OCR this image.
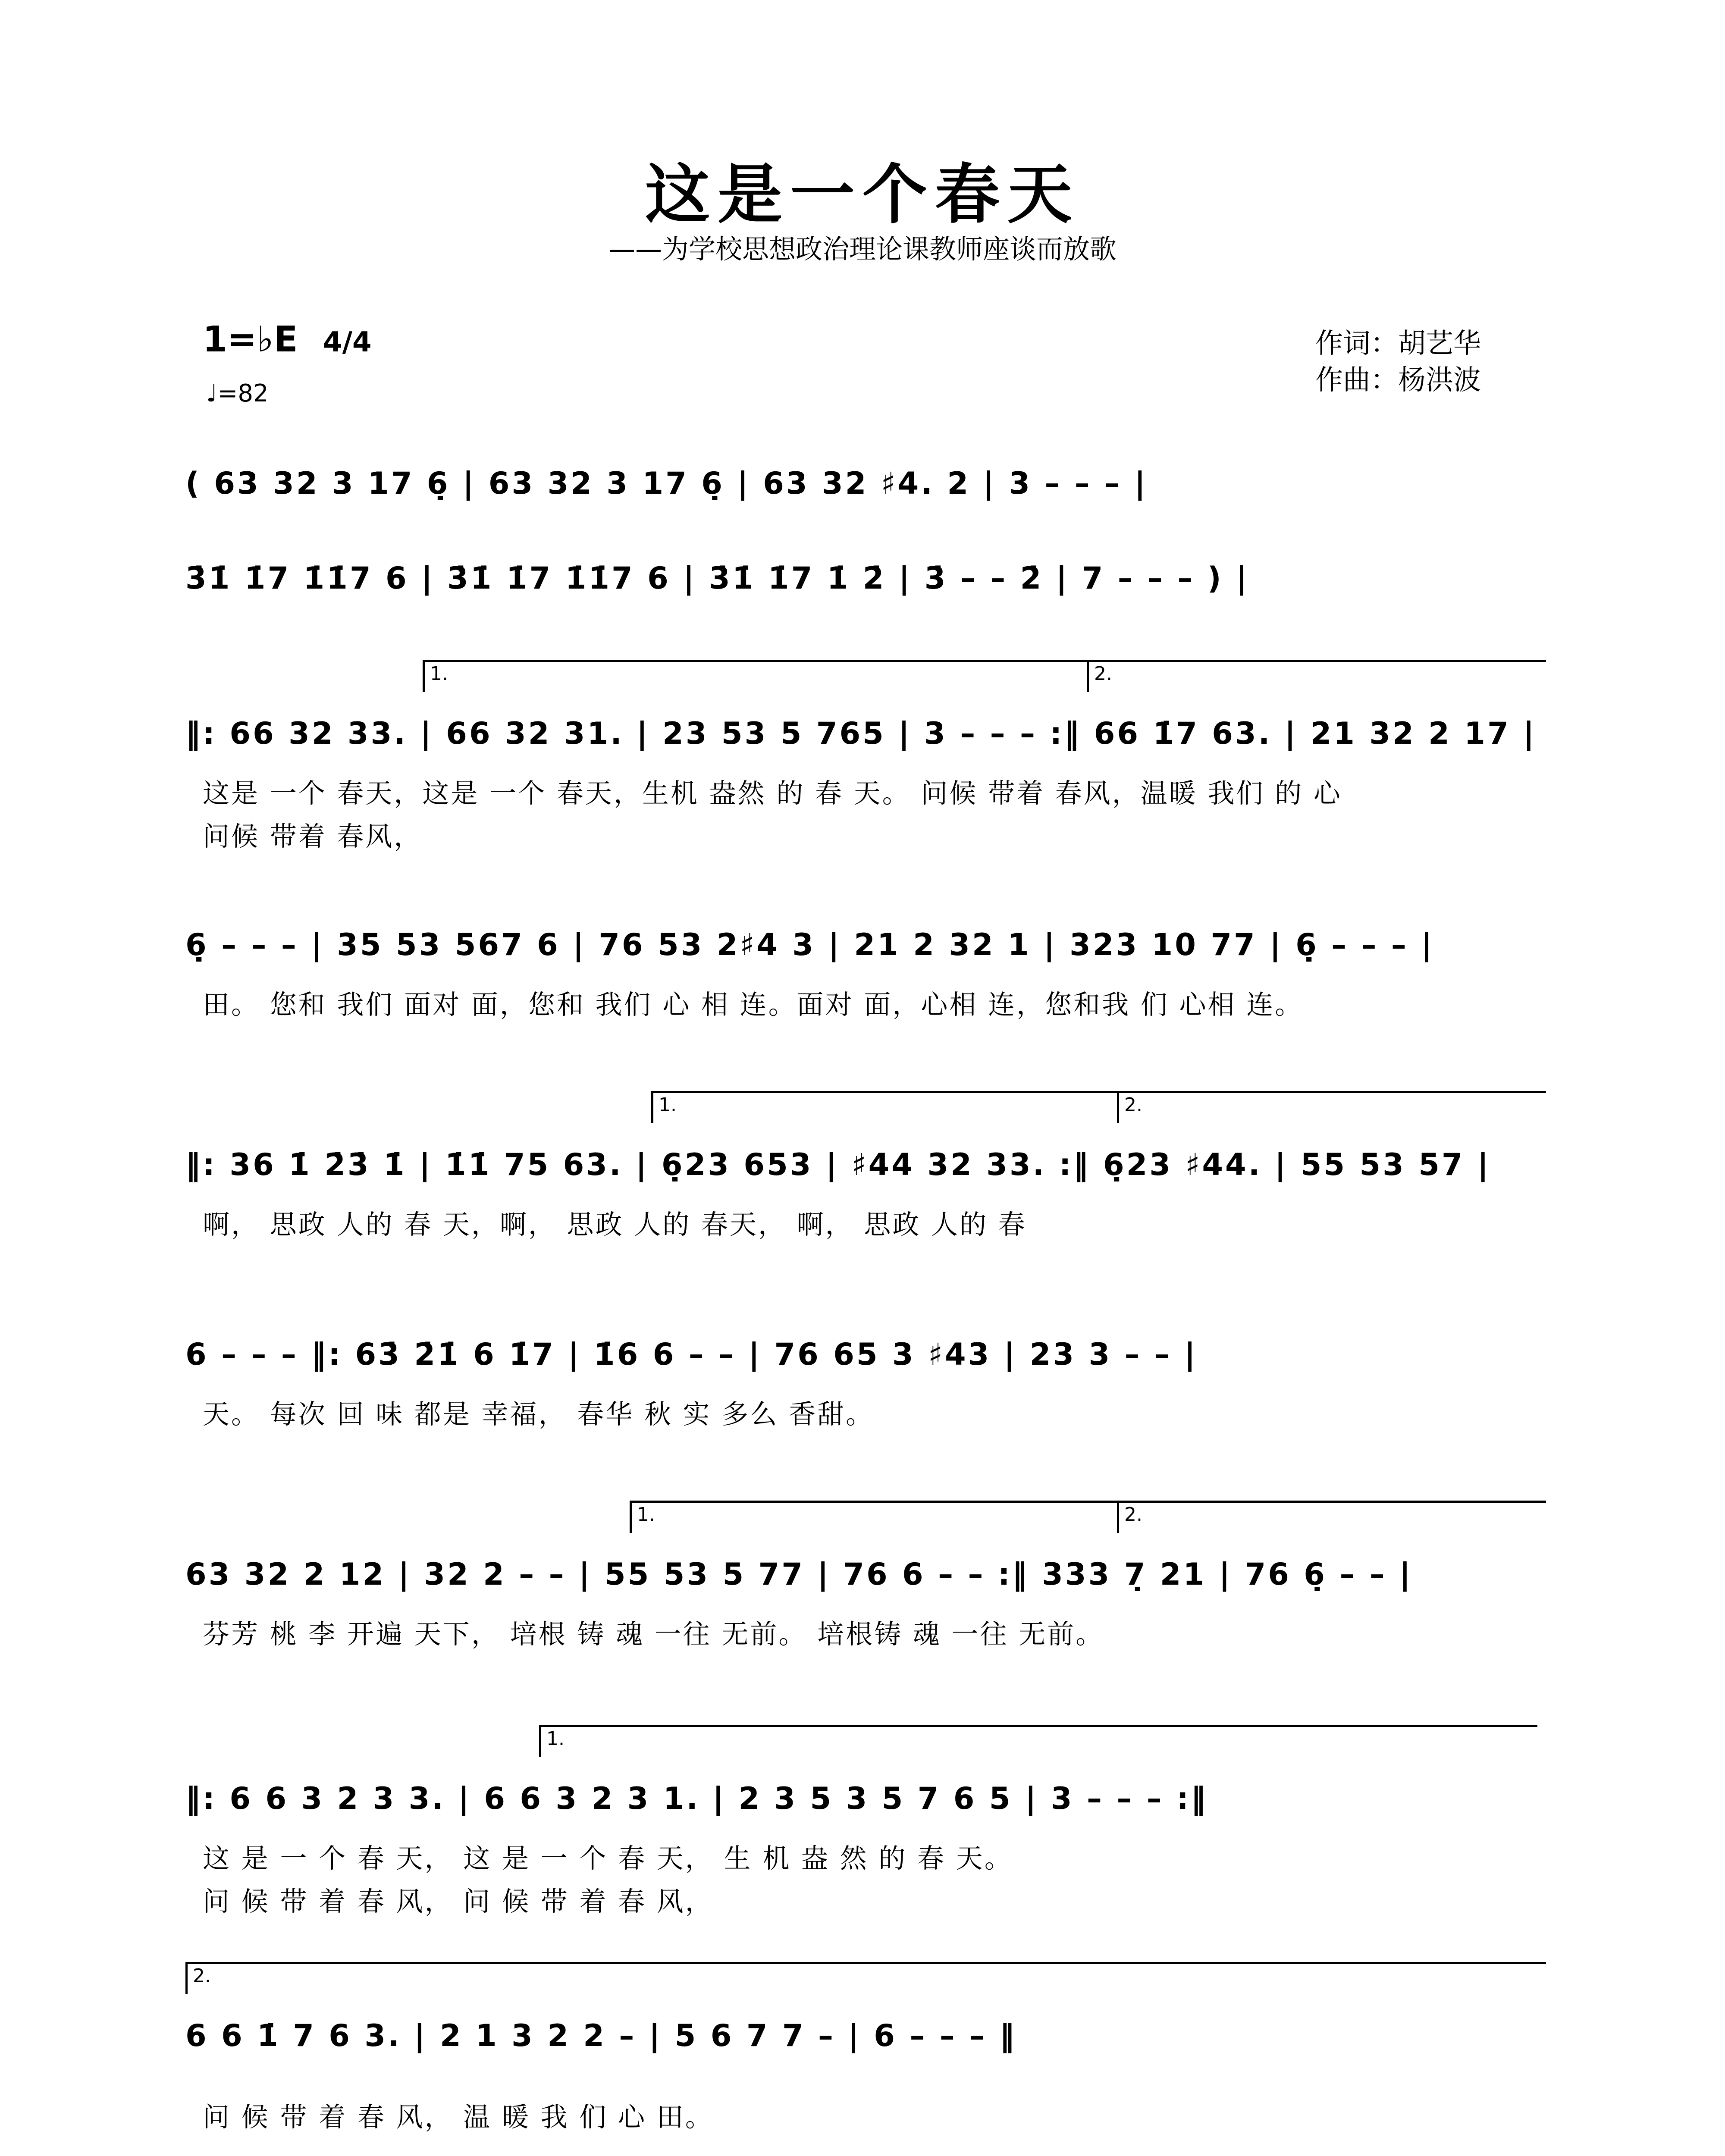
这是一个春天
——为学校思想政治理论课教师座谈而放歌
1=♭E 4/4
♩=82
作词：胡艺华
作曲：杨洪波
( 63 32 3 17 6̣ | 63 32 3 17 6̣ | 63 32 ♯4. 2 | 3 – – – |
3̇1̇ 1̇7 1̇1̇7 6 | 3̇1̇ 1̇7 1̇1̇7 6 | 3̇1̇ 1̇7 1̇ 2̇ | 3̇ – – 2̇ | 7 – – – ) |
1.	2.
‖: 66 32 33. | 66 32 31. | 23 53 5 765 | 3 – – – :‖ 66 1̇7 63. | 21 32 2 17 |
这是 一个 春天，这是 一个 春天，生机 盎然 的 春 天。 问候 带着 春风，温暖 我们 的 心
问候 带着 春风，
6̣ – – – | 35 53 567 6 | 76 53 2♯4 3 | 21 2 32 1 | 323 10 77 | 6̣ – – – |
田。 您和 我们 面对 面，您和 我们 心 相 连。面对 面，心相 连，您和我 们 心相 连。
1.	2.
‖: 36 1̇ 2̇3̇ 1̇ | 1̇1̇ 75 63. | 6̣23 653 | ♯44 32 33. :‖ 6̣23 ♯44. | 55 53 57 |
啊， 思政 人的 春 天，啊， 思政 人的 春天， 啊， 思政 人的 春
6 – – – ‖: 63̇ 2̇1̇ 6 1̇7 | 1̇6 6 – – | 76 65 3 ♯43 | 23 3 – – |
天。 每次 回 味 都是 幸福， 春华 秋 实 多么 香甜。
1.	2.
63 32 2 12 | 32 2 – – | 55 53 5 77 | 76 6 – – :‖ 333 7̣ 21 | 76 6̣ – – |
芬芳 桃 李 开遍 天下， 培根 铸 魂 一往 无前。 培根铸 魂 一往 无前。
1.
‖: 6 6 3 2 3 3. | 6 6 3 2 3 1. | 2 3 5 3 5 7 6 5 | 3 – – – :‖
这 是 一 个 春 天， 这 是 一 个 春 天， 生 机 盎 然 的 春 天。
问 候 带 着 春 风， 问 候 带 着 春 风，
2.
6 6 1̇ 7 6 3. | 2 1 3 2 2 – | 5 6 7 7 – | 6 – – – ‖
问 候 带 着 春 风， 温 暖 我 们 心 田。
